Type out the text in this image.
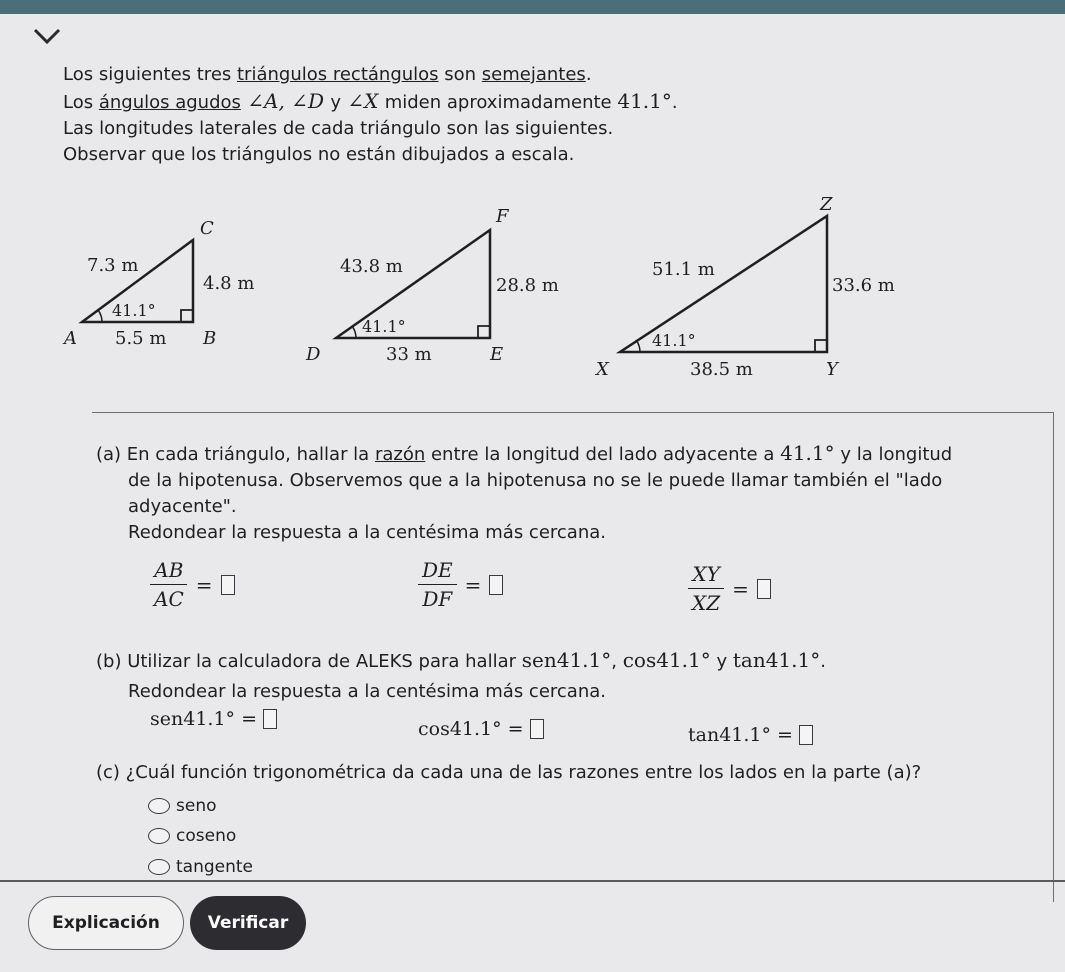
Los siguientes tres triángulos rectángulos son semejantes.
Los ángulos agudos ∠A, ∠D y ∠X miden aproximadamente 41.1°.
Las longitudes laterales de cada triángulo son las siguientes.
Observar que los triángulos no están dibujados a escala.
C
A	B
7.3 m
4.8 m
5.5 m
41.1°
F
D	E
43.8 m
28.8 m
33 m
41.1°
Z
X	Y
51.1 m
33.6 m
38.5 m
41.1°

(a) En cada triángulo, hallar la razón entre la longitud del lado adyacente a 41.1° y la longitud

de la hipotenusa. Observemos que a la hipotenusa no se le puede llamar también el "lado

adyacente".

Redondear la respuesta a la centésima más cercana.

$\frac{AB}{AC}$ =	$\frac{DE}{DF}$ =	$\frac{XY}{XZ}$ =

(b) Utilizar la calculadora de ALEKS para hallar sen41.1°, cos41.1° y tan41.1°.

Redondear la respuesta a la centésima más cercana.

sen41.1° =	cos41.1° =	tan41.1° =
(c) ¿Cuál función trigonométrica da cada una de las razones entre los lados en la parte (a)?
seno
coseno
tangente
Explicación	Verificar
